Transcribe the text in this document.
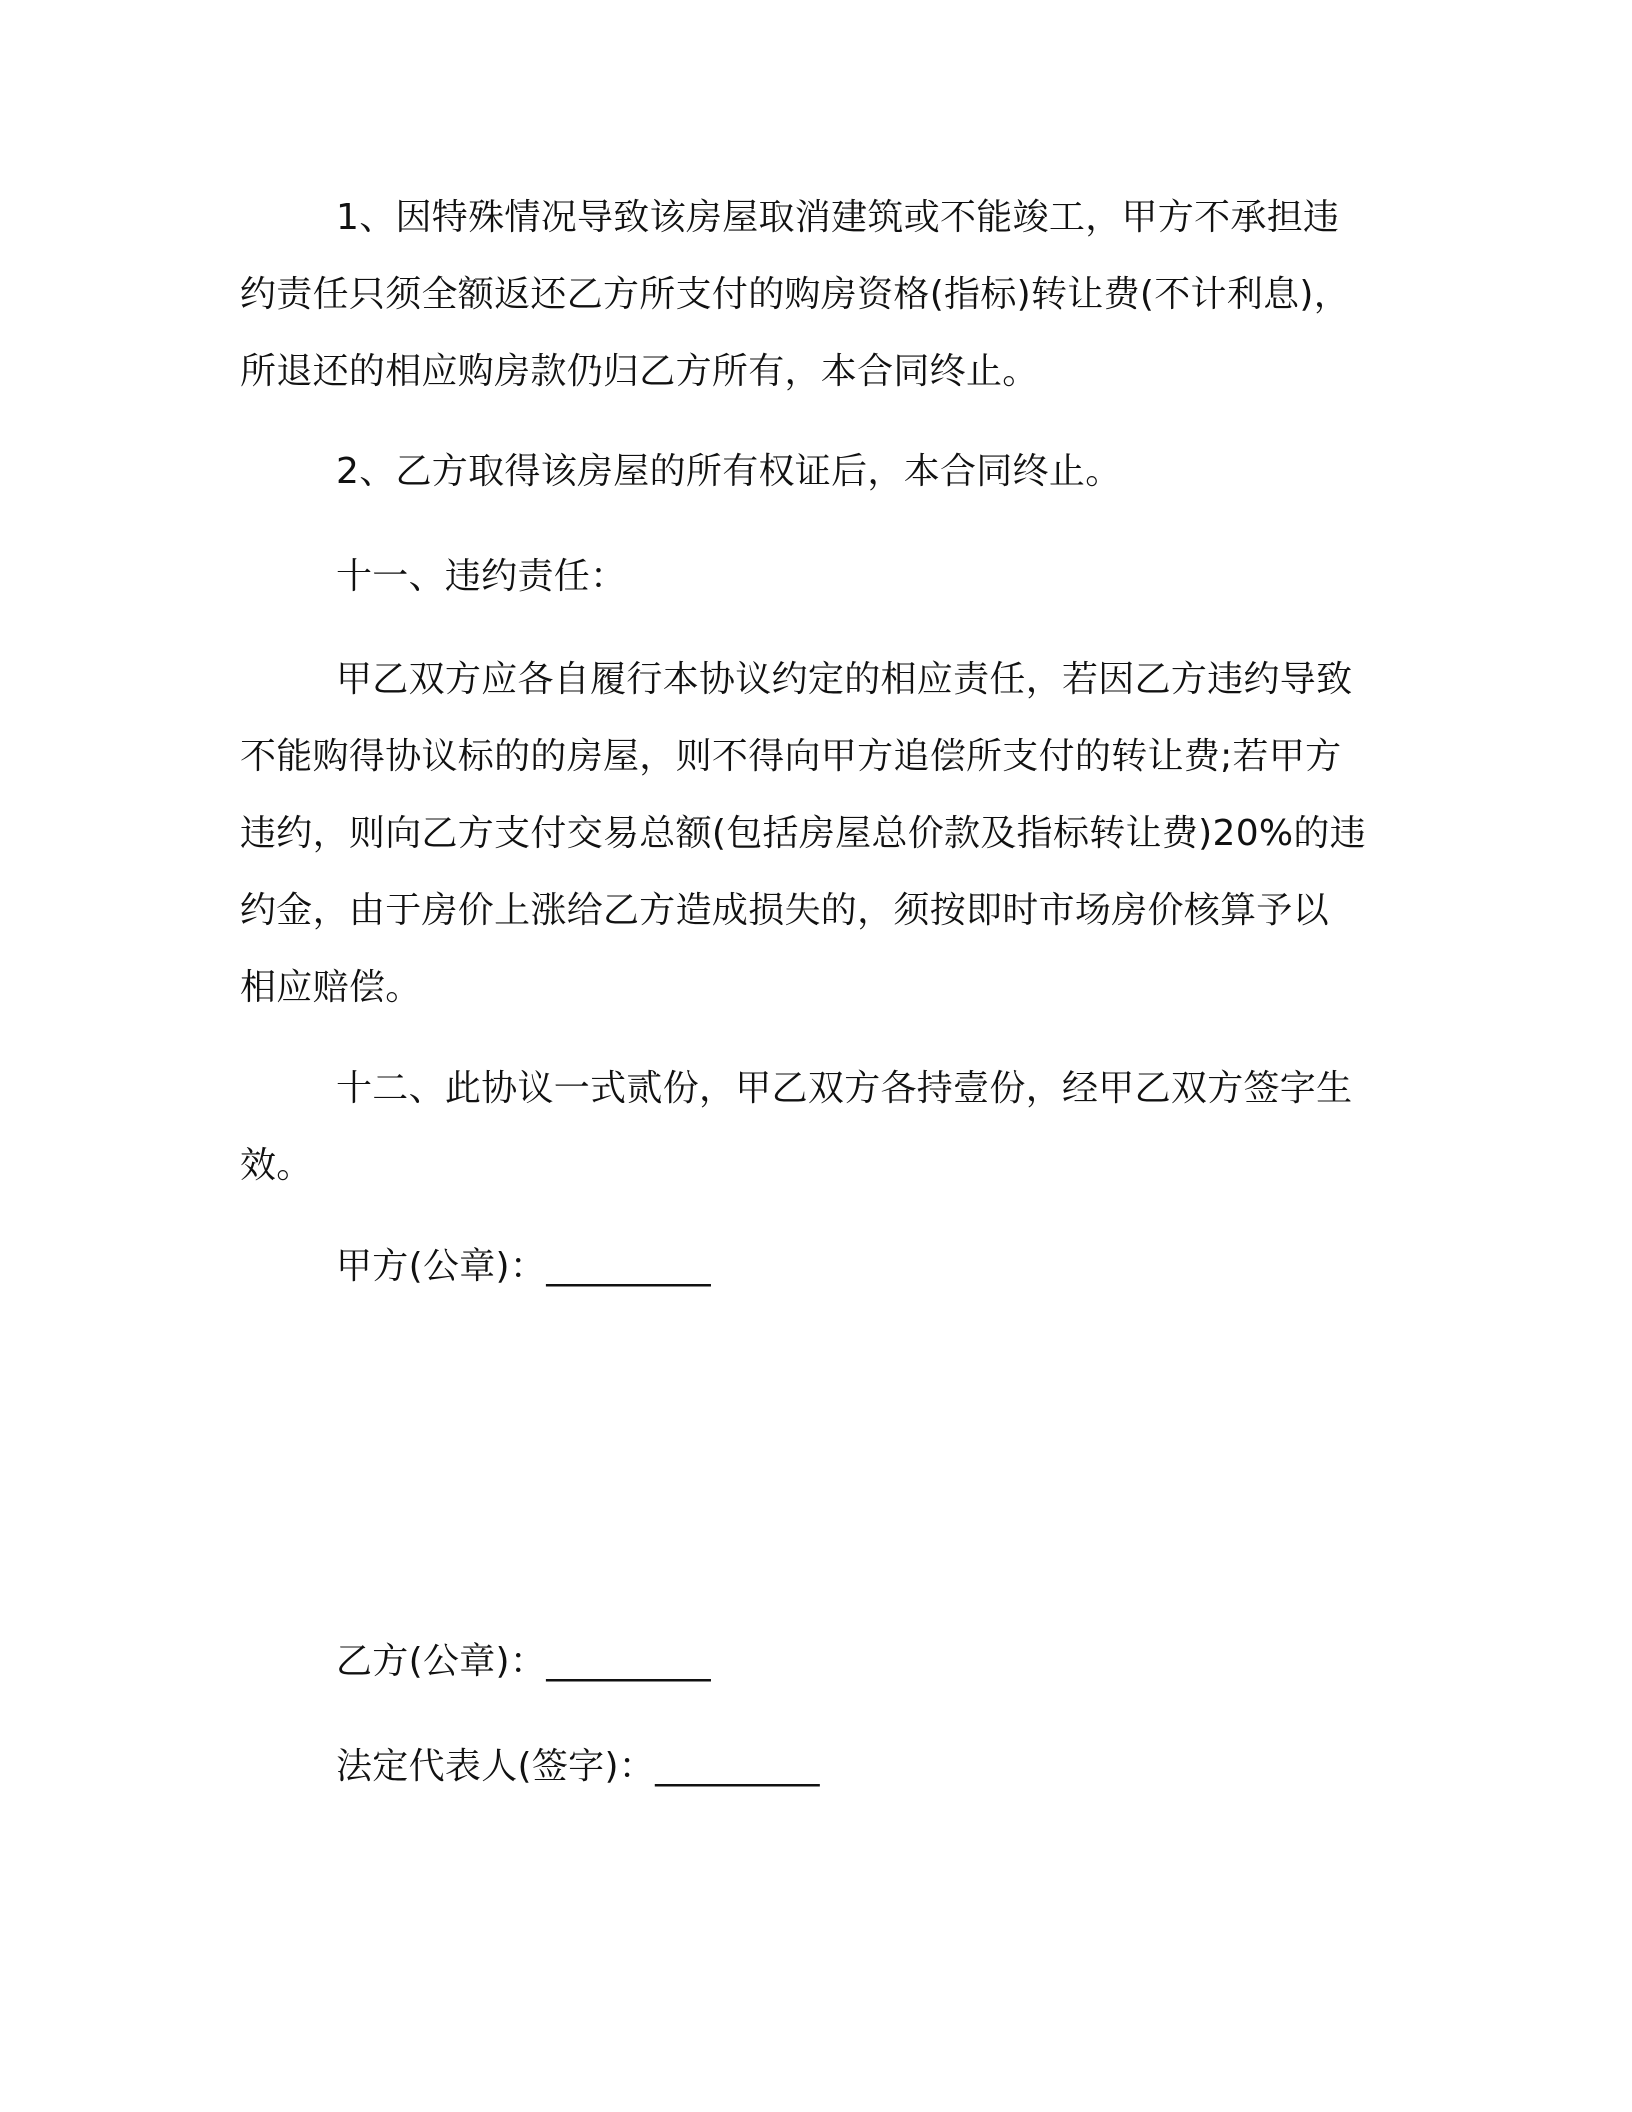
1、因特殊情况导致该房屋取消建筑或不能竣工，甲方不承担违
约责任只须全额返还乙方所支付的购房资格(指标)转让费(不计利息)，
所退还的相应购房款仍归乙方所有，本合同终止。
2、乙方取得该房屋的所有权证后，本合同终止。
十一、违约责任：
甲乙双方应各自履行本协议约定的相应责任，若因乙方违约导致
不能购得协议标的的房屋，则不得向甲方追偿所支付的转让费;若甲方
违约，则向乙方支付交易总额(包括房屋总价款及指标转让费)20%的违
约金，由于房价上涨给乙方造成损失的，须按即时市场房价核算予以
相应赔偿。
十二、此协议一式贰份，甲乙双方各持壹份，经甲乙双方签字生
效。
甲方(公章)：_________
乙方(公章)：_________
法定代表人(签字)：_________
